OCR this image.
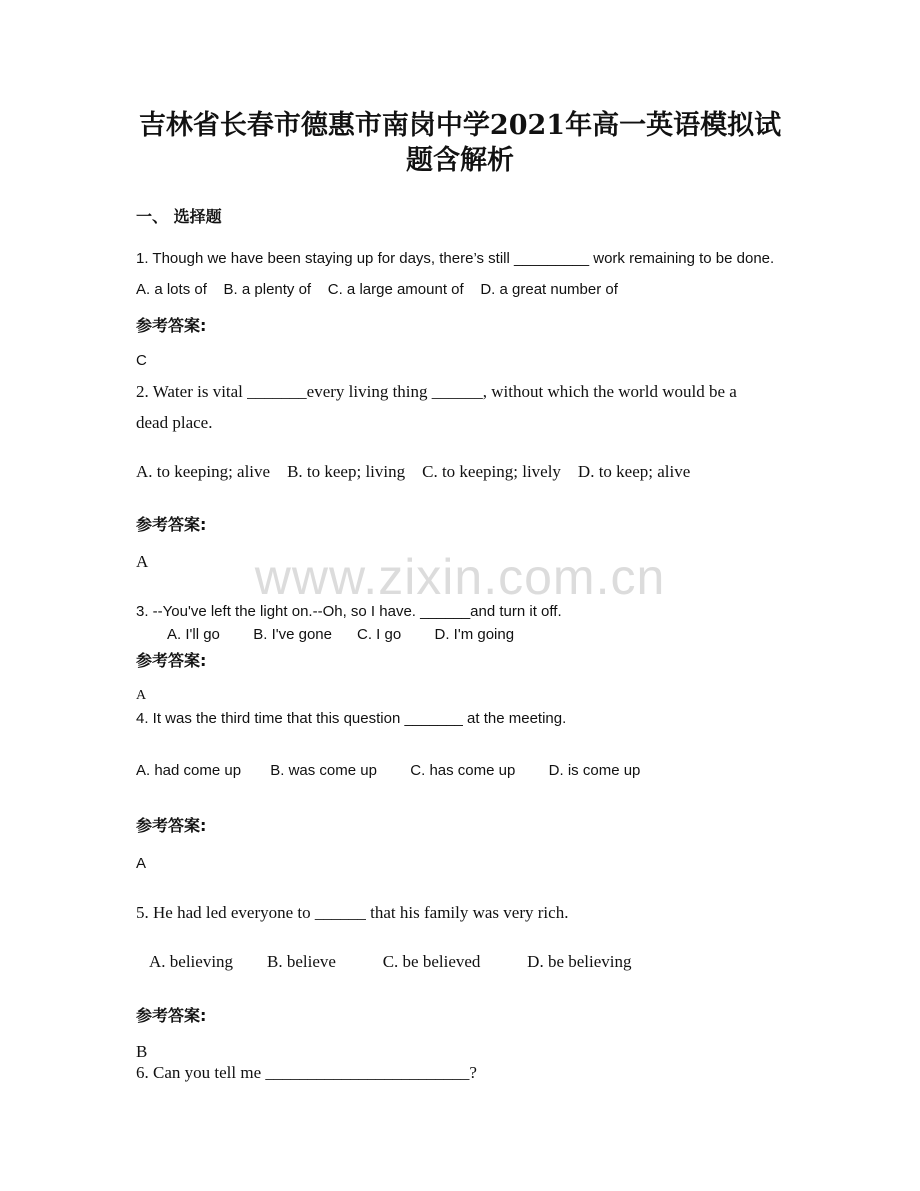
www.zixin.com.cn
吉林省长春市德惠市南岗中学2021年高一英语模拟试
题含解析
一、 选择题
1. Though we have been staying up for days, there’s still _________ work remaining to be done.
A. a lots of    B. a plenty of    C. a large amount of    D. a great number of
参考答案:
C
2. Water is vital _______every living thing ______, without which the world would be a
dead place.
A. to keeping; alive    B. to keep; living    C. to keeping; lively    D. to keep; alive
参考答案:
A
3. --You've left the light on.--Oh, so I have. ______and turn it off.
A. I'll go        B. I've gone      C. I go        D. I'm going
参考答案:
A
4. It was the third time that this question _______ at the meeting.
A. had come up       B. was come up        C. has come up        D. is come up
参考答案:
A
5. He had led everyone to ______ that his family was very rich.
A. believing        B. believe           C. be believed           D. be believing
参考答案:
B
6. Can you tell me ________________________?
